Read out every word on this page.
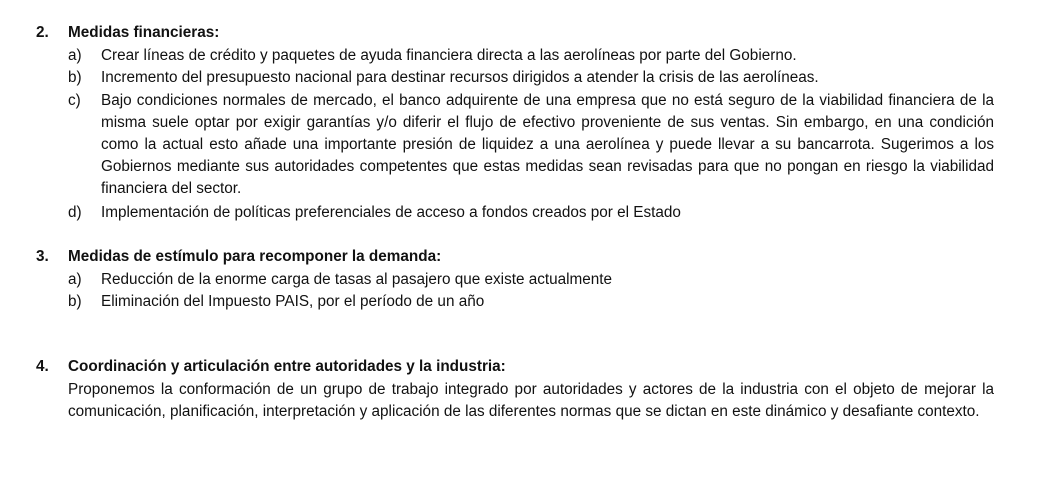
2. Medidas financieras:
a) Crear líneas de crédito y paquetes de ayuda financiera directa a las aerolíneas por parte del Gobierno.
b) Incremento del presupuesto nacional para destinar recursos dirigidos a atender la crisis de las aerolíneas.
c) Bajo condiciones normales de mercado, el banco adquirente de una empresa que no está seguro de la viabilidad financiera de la misma suele optar por exigir garantías y/o diferir el flujo de efectivo proveniente de sus ventas. Sin embargo, en una condición como la actual esto añade una importante presión de liquidez a una aerolínea y puede llevar a su bancarrota. Sugerimos a los Gobiernos mediante sus autoridades competentes que estas medidas sean revisadas para que no pongan en riesgo la viabilidad financiera del sector.
d) Implementación de políticas preferenciales de acceso a fondos creados por el Estado
3. Medidas de estímulo para recomponer la demanda:
a) Reducción de la enorme carga de tasas al pasajero que existe actualmente
b) Eliminación del Impuesto PAIS, por el período de un año
4. Coordinación y articulación entre autoridades y la industria:
Proponemos la conformación de un grupo de trabajo integrado por autoridades y actores de la industria con el objeto de mejorar la comunicación, planificación, interpretación y aplicación de las diferentes normas que se dictan en este dinámico y desafiante contexto.
